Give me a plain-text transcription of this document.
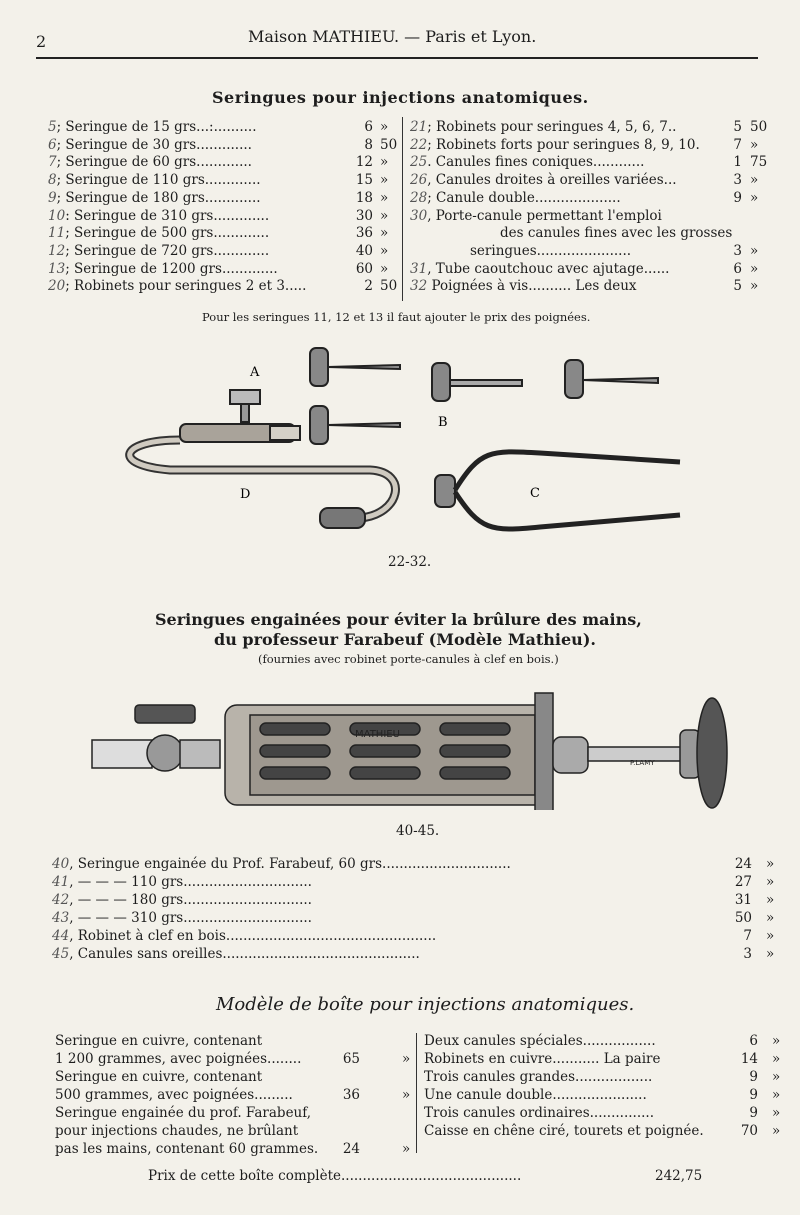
2	Maison MATHIEU. — Paris et Lyon.
Seringues pour injections anatomiques.
5; Seringue de 15 grs...:..........	6 »
6; Seringue de 30 grs.............	8 50
7; Seringue de 60 grs.............	12 »
8; Seringue de 110 grs.............	15 »
9; Seringue de 180 grs.............	18 »
10: Seringue de 310 grs.............	30 »
11; Seringue de 500 grs.............	36 »
12; Seringue de 720 grs.............	40 »
13; Seringue de 1200 grs.............	60 »
20; Robinets pour seringues 2 et 3.....	2 50
21; Robinets pour seringues 4, 5, 6, 7..	5 50
22; Robinets forts pour seringues 8, 9, 10.	7 »
25. Canules fines coniques............	1 75
26, Canules droites à oreilles variées...	3 »
28; Canule double....................	9 »
30, Porte-canule permettant l'emploi
des canules fines avec les grosses
seringues......................	3 »
31, Tube caoutchouc avec ajutage......	6 »
32 Poignées à vis.......... Les deux	5 »
Pour les seringues 11, 12 et 13 il faut ajouter le prix des poignées.
A
B
C
D
22-32.
Seringues engainées pour éviter la brûlure des mains,
du professeur Farabeuf (Modèle Mathieu).
(fournies avec robinet porte-canules à clef en bois.)
MATHIEU
P.LAMY
40-45.
40, Seringue engainée du Prof. Farabeuf, 60 grs..............................	24 »
41, — — — 110 grs..............................	27 »
42, — — — 180 grs..............................	31 »
43, — — — 310 grs..............................	50 »
44, Robinet à clef en bois.................................................	7 »
45, Canules sans oreilles..............................................	3 »
Modèle de boîte pour injections anatomiques.
Seringue en cuivre, contenant
1 200 grammes, avec poignées........	65	»
Seringue en cuivre, contenant
500 grammes, avec poignées.........	36	»
Seringue engainée du prof. Farabeuf,
pour injections chaudes, ne brûlant
pas les mains, contenant 60 grammes.	24	»
Deux canules spéciales.................	6 »
Robinets en cuivre........... La paire	14 »
Trois canules grandes..................	9 »
Une canule double......................	9 »
Trois canules ordinaires...............	9 »
Caisse en chêne ciré, tourets et poignée.	70 »
Prix de cette boîte complète..........................................	242,75
